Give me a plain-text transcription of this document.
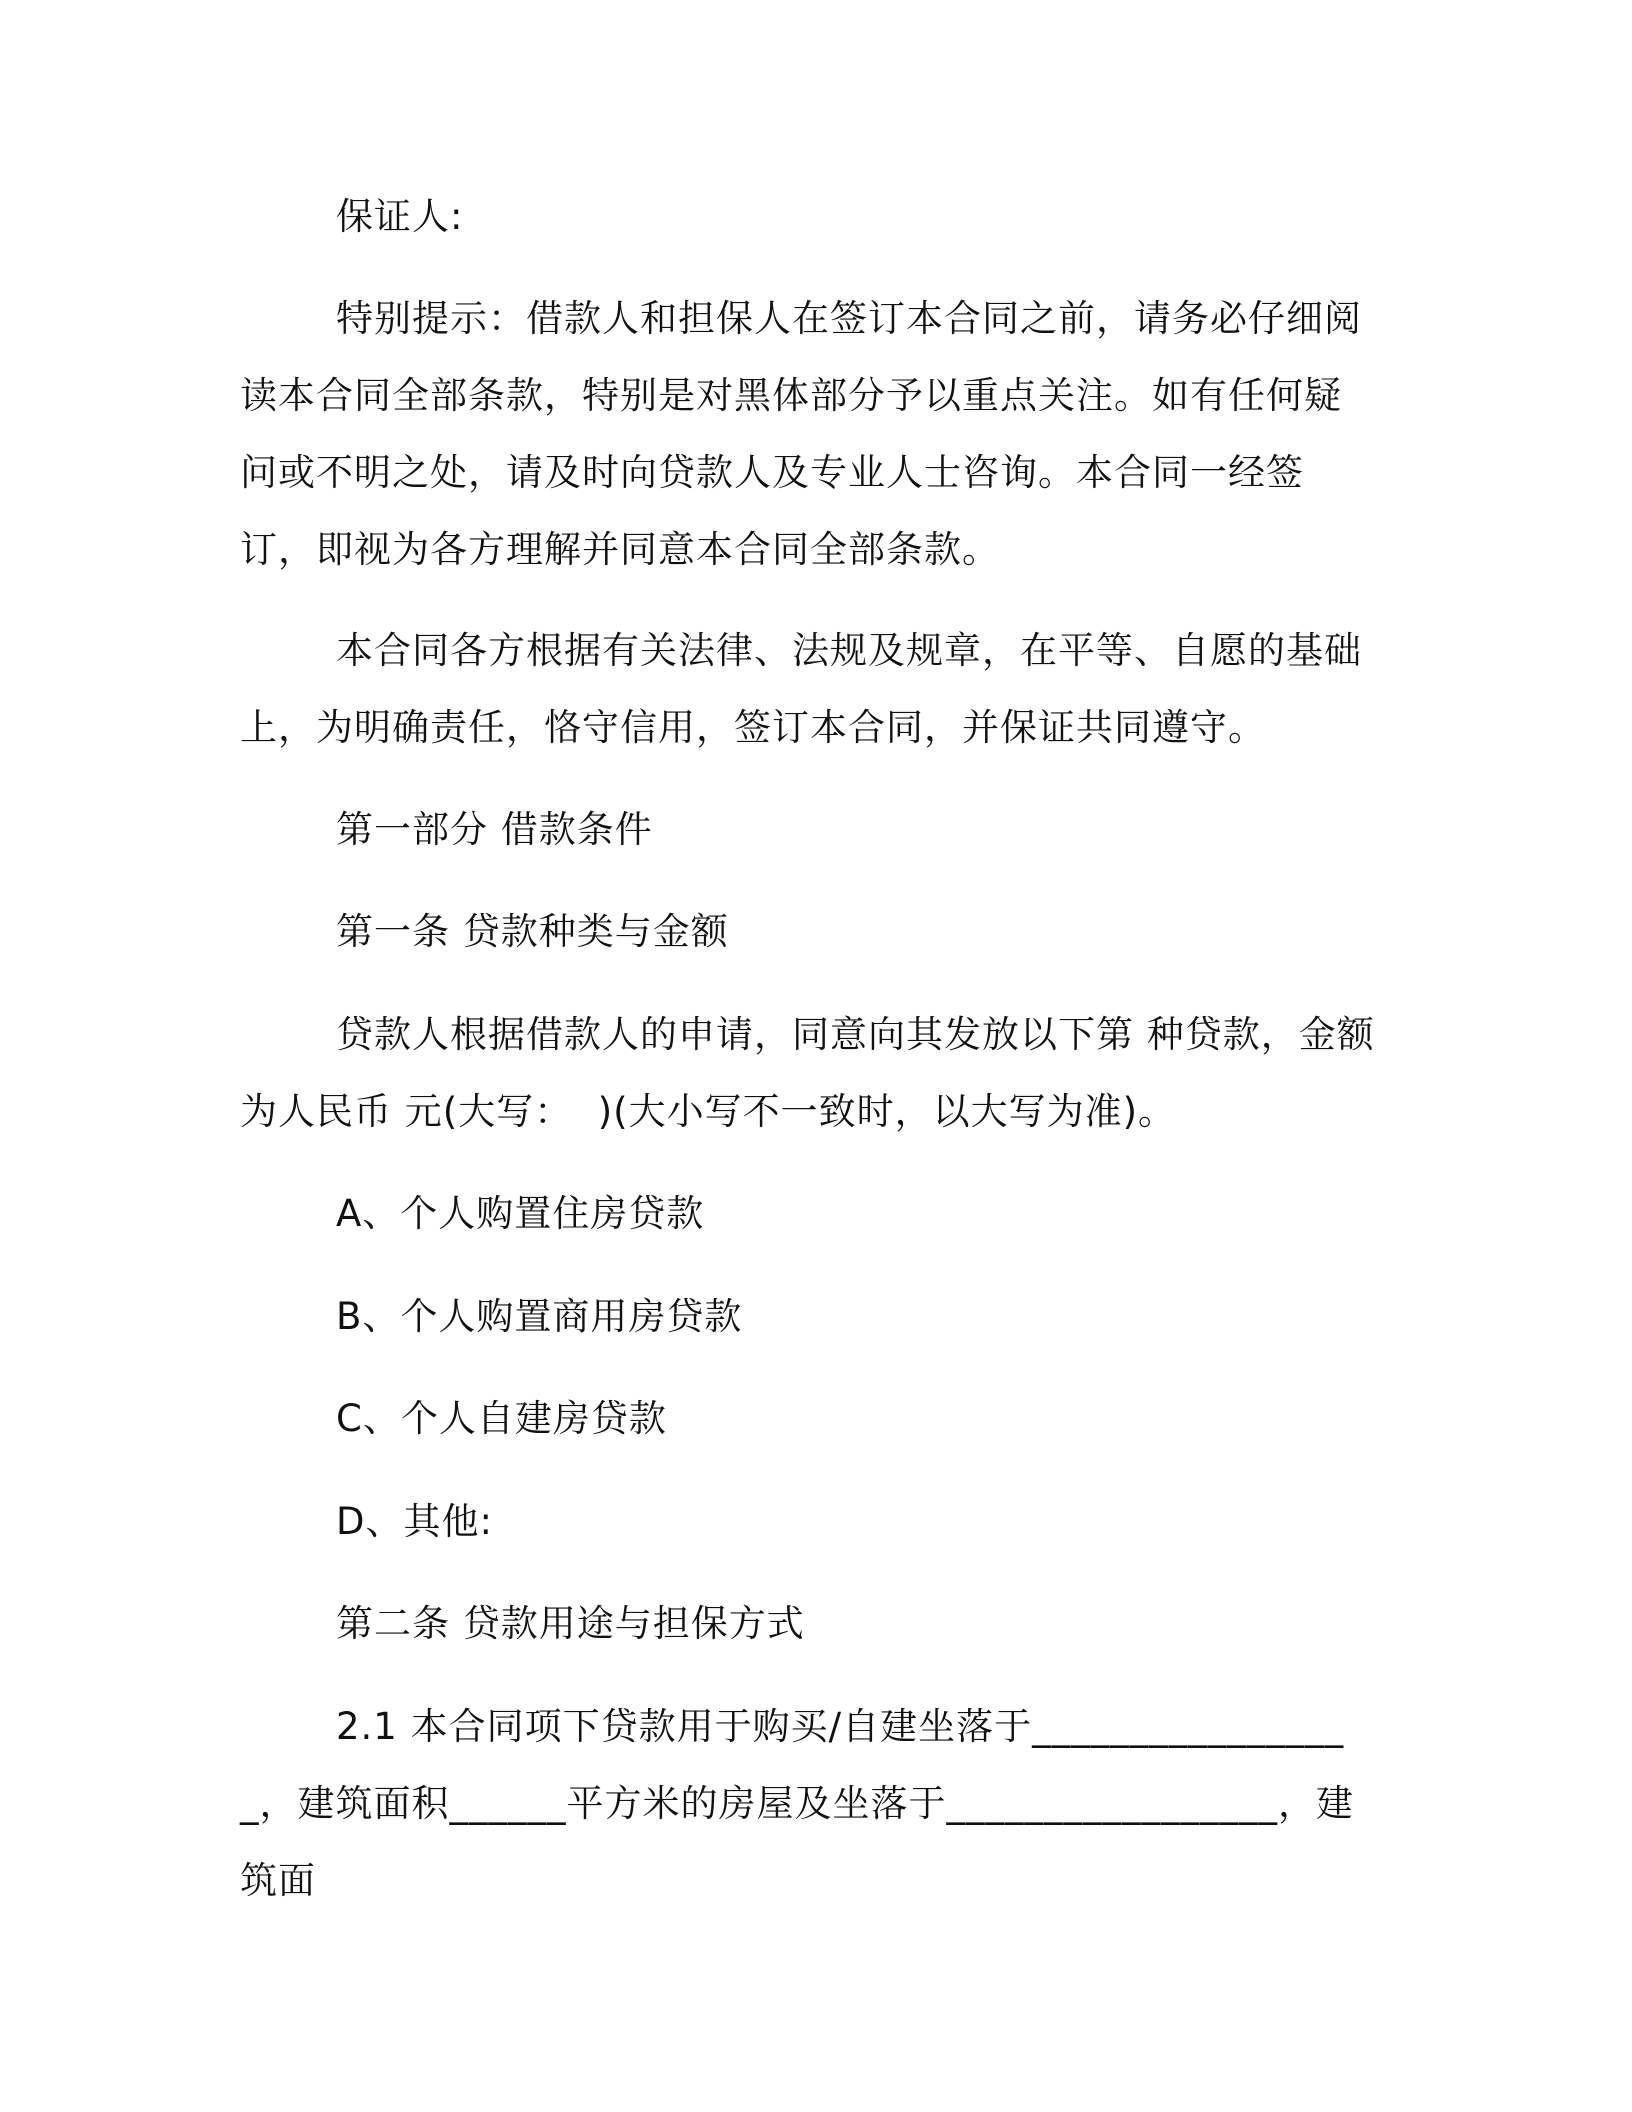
保证人:

特别提示：借款人和担保人在签订本合同之前，请务必仔细阅读本合同全部条款，特别是对黑体部分予以重点关注。如有任何疑问或不明之处，请及时向贷款人及专业人士咨询。本合同一经签订，即视为各方理解并同意本合同全部条款。

本合同各方根据有关法律、法规及规章，在平等、自愿的基础上，为明确责任，恪守信用，签订本合同，并保证共同遵守。

第一部分 借款条件

第一条 贷款种类与金额

贷款人根据借款人的申请，同意向其发放以下第 种贷款，金额为人民币 元(大写：  )(大小写不一致时，以大写为准)。

A、个人购置住房贷款

B、个人购置商用房贷款

C、个人自建房贷款

D、其他:

第二条 贷款用途与担保方式

2.1 本合同项下贷款用于购买/自建坐落于_________________，建筑面积______平方米的房屋及坐落于_________________，建筑面
